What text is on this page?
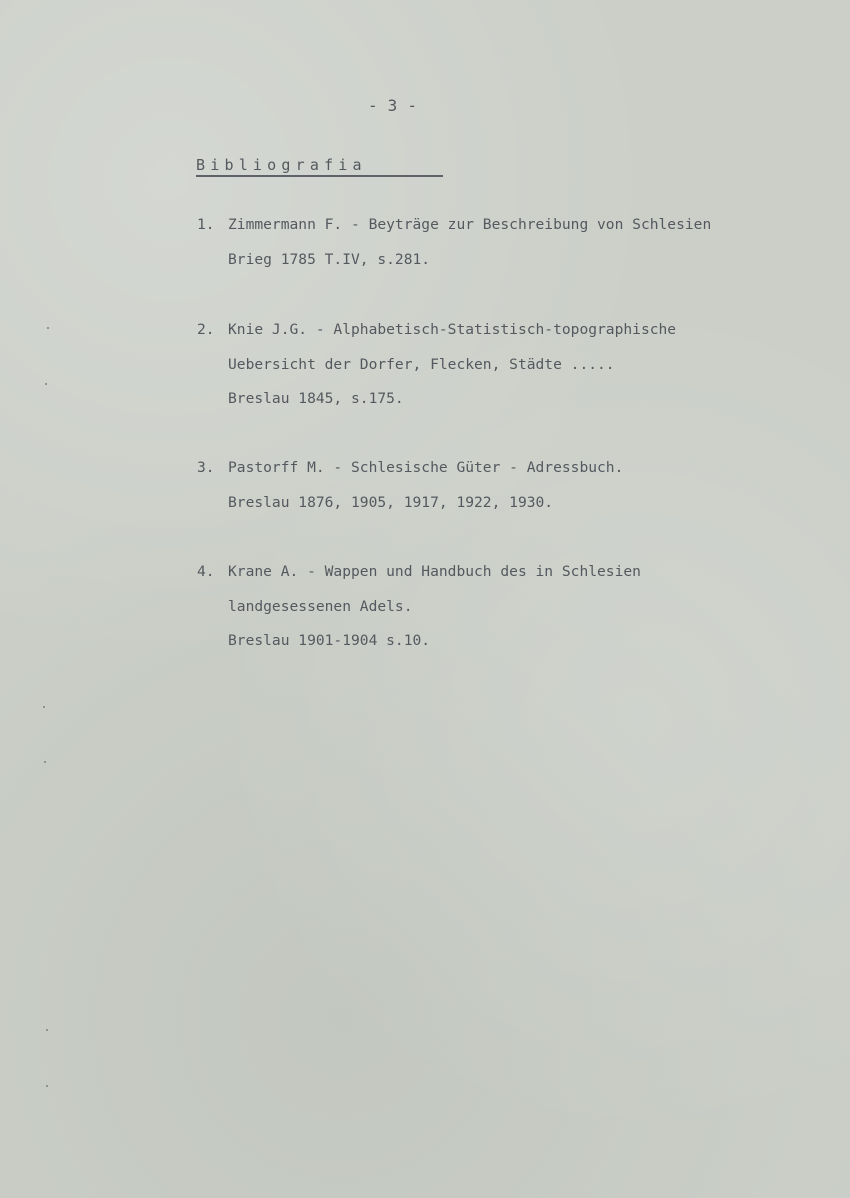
- 3 -
Bibliografia
1. Zimmermann F. - Beyträge zur Beschreibung von Schlesien
Brieg 1785 T.IV, s.281.
2. Knie J.G. - Alphabetisch-Statistisch-topographische
Uebersicht der Dorfer, Flecken, Städte .....
Breslau 1845, s.175.
3. Pastorff M. - Schlesische Güter - Adressbuch.
Breslau 1876, 1905, 1917, 1922, 1930.
4. Krane A. - Wappen und Handbuch des in Schlesien
landgesessenen Adels.
Breslau 1901-1904 s.10.
